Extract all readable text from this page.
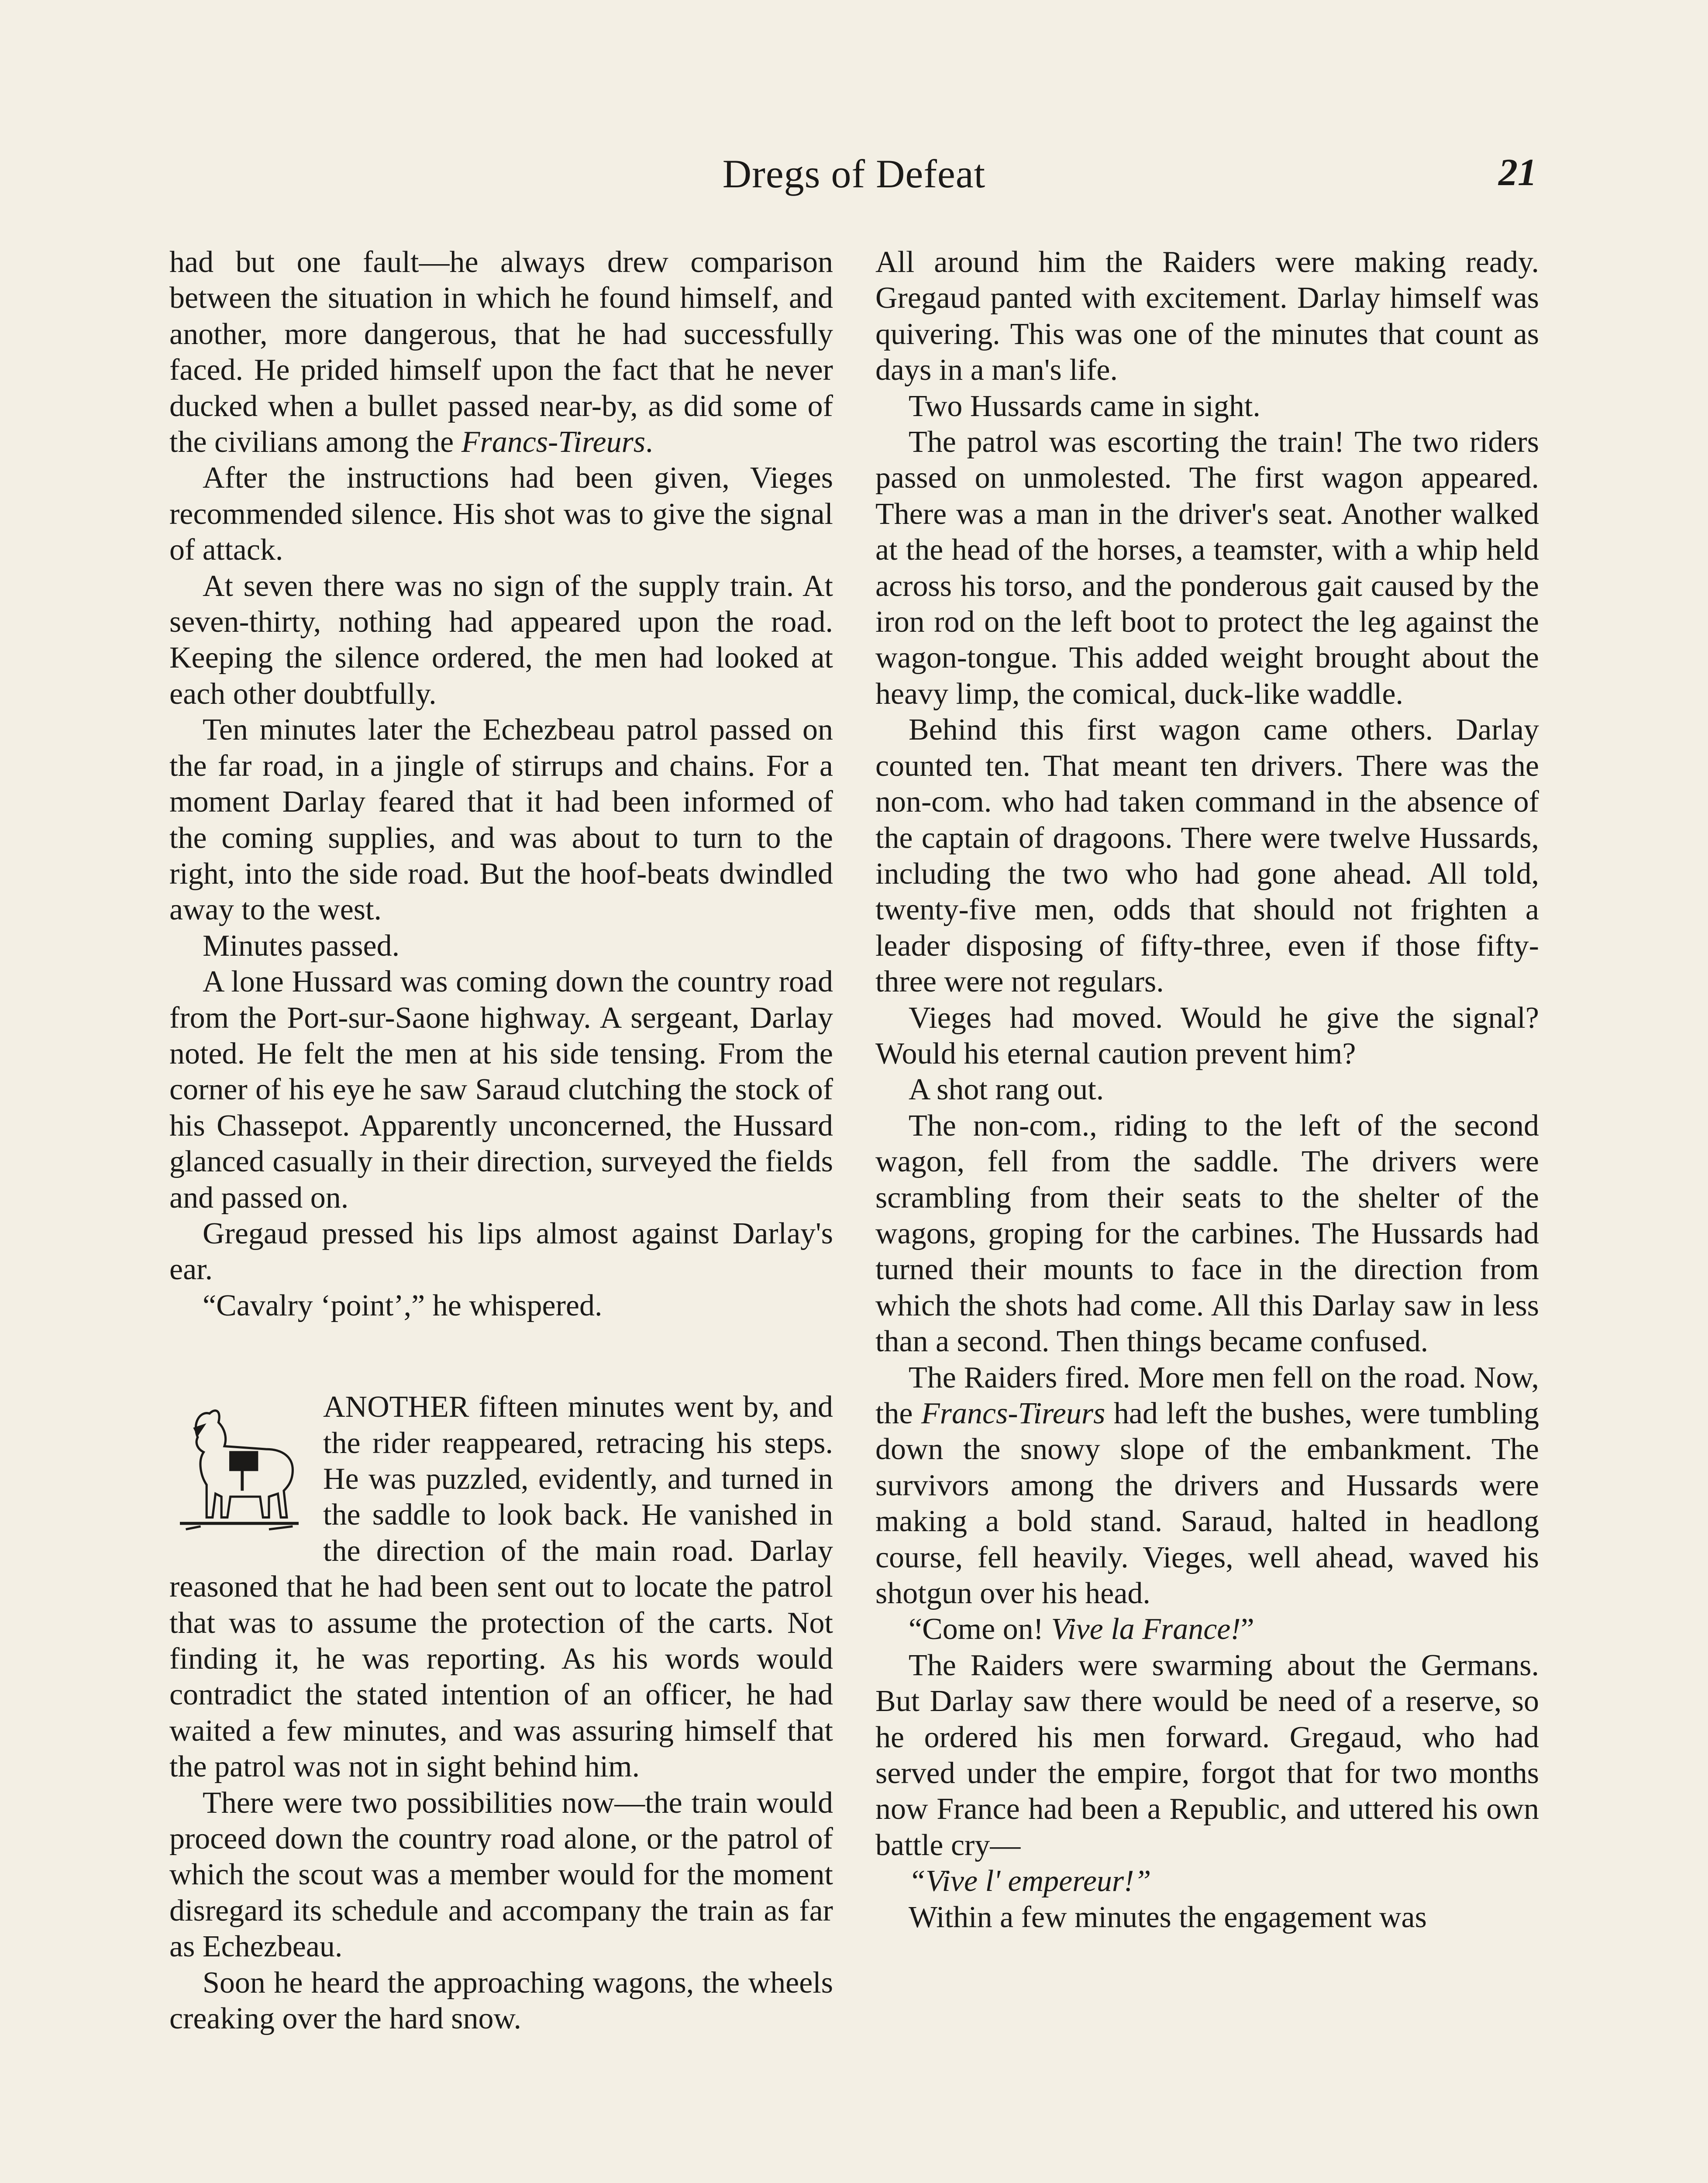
Dregs of Defeat	21

had but one fault—he always drew comparison between the situation in which he found himself, and another, more dangerous, that he had successfully faced. He prided himself upon the fact that he never ducked when a bullet passed near-by, as did some of the civilians among the Francs-Tireurs.

After the instructions had been given, Vieges recommended silence. His shot was to give the signal of attack.

At seven there was no sign of the supply train. At seven-thirty, nothing had appeared upon the road. Keeping the silence ordered, the men had looked at each other doubtfully.

Ten minutes later the Echezbeau patrol passed on the far road, in a jingle of stirrups and chains. For a moment Darlay feared that it had been informed of the coming supplies, and was about to turn to the right, into the side road. But the hoof-beats dwindled away to the west.

Minutes passed.

A lone Hussard was coming down the country road from the Port-sur-Saone highway. A sergeant, Darlay noted. He felt the men at his side tensing. From the corner of his eye he saw Saraud clutching the stock of his Chassepot. Apparently unconcerned, the Hussard glanced casually in their direction, surveyed the fields and passed on.

Gregaud pressed his lips almost against Darlay's ear.

“Cavalry ‘point’,” he whispered.

ANOTHER fifteen minutes went by, and the rider reappeared, retracing his steps. He was puzzled, evidently, and turned in the saddle to look back. He vanished in the direction of the main road. Darlay reasoned that he had been sent out to locate the patrol that was to assume the protection of the carts. Not finding it, he was reporting. As his words would contradict the stated intention of an officer, he had waited a few minutes, and was assuring himself that the patrol was not in sight behind him.

There were two possibilities now—the train would proceed down the country road alone, or the patrol of which the scout was a member would for the moment disregard its schedule and accompany the train as far as Echezbeau.

Soon he heard the approaching wagons, the wheels creaking over the hard snow.

All around him the Raiders were making ready. Gregaud panted with excitement. Darlay himself was quivering. This was one of the minutes that count as days in a man's life.

Two Hussards came in sight.

The patrol was escorting the train! The two riders passed on unmolested. The first wagon appeared. There was a man in the driver's seat. Another walked at the head of the horses, a teamster, with a whip held across his torso, and the ponderous gait caused by the iron rod on the left boot to protect the leg against the wagon-tongue. This added weight brought about the heavy limp, the comical, duck-like waddle.

Behind this first wagon came others. Darlay counted ten. That meant ten drivers. There was the non-com. who had taken command in the absence of the captain of dragoons. There were twelve Hussards, including the two who had gone ahead. All told, twenty-five men, odds that should not frighten a leader disposing of fifty-three, even if those fifty-three were not regulars.

Vieges had moved. Would he give the signal? Would his eternal caution prevent him?

A shot rang out.

The non-com., riding to the left of the second wagon, fell from the saddle. The drivers were scrambling from their seats to the shelter of the wagons, groping for the carbines. The Hussards had turned their mounts to face in the direction from which the shots had come. All this Darlay saw in less than a second. Then things became confused.

The Raiders fired. More men fell on the road. Now, the Francs-Tireurs had left the bushes, were tumbling down the snowy slope of the embankment. The survivors among the drivers and Hussards were making a bold stand. Saraud, halted in headlong course, fell heavily. Vieges, well ahead, waved his shotgun over his head.

“Come on! Vive la France!”

The Raiders were swarming about the Germans. But Darlay saw there would be need of a reserve, so he ordered his men forward. Gregaud, who had served under the empire, forgot that for two months now France had been a Republic, and uttered his own battle cry—

“Vive l' empereur!”

Within a few minutes the engagement was
